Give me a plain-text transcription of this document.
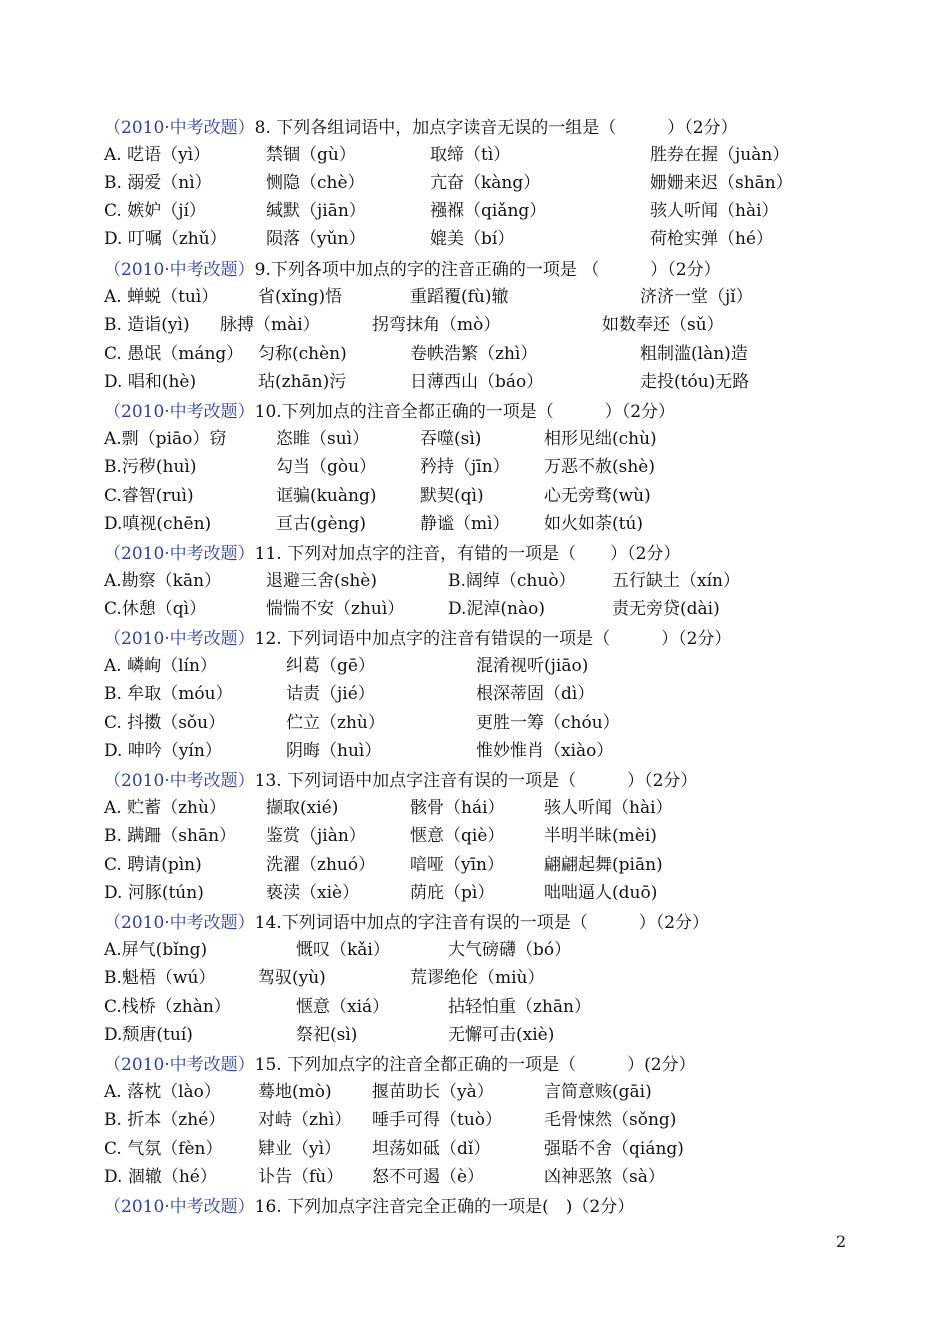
（2010·中考改题）8. 下列各组词语中，加点字读音无误的一组是（　　　）（2分）
A. 呓语（yì）	禁锢（gù）	取缔（tì）	胜券在握（juàn）
B. 溺爱（nì）	恻隐（chè）	亢奋（kàng）	姗姗来迟（shān）
C. 嫉妒（jí）	缄默（jiān）	襁褓（qiǎng）	骇人听闻（hài）
D. 叮嘱（zhǔ） 陨落（yǔn）	媲美（bí）	荷枪实弹（hé）
（2010·中考改题）9.下列各项中加点的字的注音正确的一项是 （　　　）（2分）
A. 蝉蜕（tuì） 省(xǐng)悟	重蹈覆(fù)辙	济济一堂（jǐ）
B. 造诣(yì) 脉搏（mài）	拐弯抹角（mò）	如数奉还（sǔ）
C. 愚氓（máng） 匀称(chèn)	卷帙浩繁（zhì）	粗制滥(làn)造
D. 唱和(hè)	玷(zhān)污	日薄西山（báo）	走投(tóu)无路
（2010·中考改题）10.下列加点的注音全都正确的一项是（　　　）（2分）
A.剽（piāo）窃	恣睢（suì）	吞噬(sì)	相形见绌(chù)
B.污秽(huì)	勾当（gòu）	矜持（jīn） 万恶不赦(shè)
C.睿智(ruì)	诓骗(kuàng)	默契(qì)	心无旁骛(wù)
D.嗔视(chēn)	亘古(gèng)	静谧（mì） 如火如荼(tú)
（2010·中考改题）11. 下列对加点字的注音，有错的一项是（　　）（2分）
A.勘察（kān）	退避三舍(shè)	B.阔绰（chuò） 五行缺土（xín）
C.休憩（qì）	惴惴不安（zhuì）	D.泥淖(nào)	责无旁贷(dài)
（2010·中考改题）12. 下列词语中加点字的注音有错误的一项是（　　　）（2分）
A. 嶙峋（lín）	纠葛（gē）	混淆视听(jiāo)
B. 牟取（móu）	诘责（jié）	根深蒂固（dì）
C. 抖擞（sǒu）	伫立（zhù）	更胜一筹（chóu）
D. 呻吟（yín）	阴晦（huì）	惟妙惟肖（xiào）
（2010·中考改题）13. 下列词语中加点字注音有误的一项是（　　　）（2分）
A. 贮蓄（zhù） 撷取(xié)	骸骨（hái） 骇人听闻（hài）
B. 蹒跚（shān） 鉴赏（jiàn）	惬意（qiè） 半明半昧(mèi)
C. 聘请(pìn)	洗濯（zhuó） 喑哑（yīn） 翩翩起舞(piān)
D. 河豚(tún)	亵渎（xiè）	荫庇（pì）	咄咄逼人(duō)
（2010·中考改题）14.下列词语中加点的字注音有误的一项是（　　　）（2分）
A.屏气(bǐng)	慨叹（kǎi）	大气磅礴（bó）
B.魁梧（wú）	驾驭(yù)	荒谬绝伦（miù）
C.栈桥（zhàn）	惬意（xiá）	拈轻怕重（zhān）
D.颓唐(tuí)	祭祀(sì)	无懈可击(xiè)
（2010·中考改题）15. 下列加点字的注音全都正确的一项是（　　　）(2分）
A. 落枕（lào） 蓦地(mò) 揠苗助长（yà）	言简意赅(gāi)
B. 折本（zhé） 对峙（zhì） 唾手可得（tuò） 毛骨悚然（sǒng)
C. 气氛（fèn） 肄业（yì） 坦荡如砥（dǐ）	强聒不舍（qiáng)
D. 涸辙（hé） 讣告（fù） 怒不可遏（è）	凶神恶煞（sà）
（2010·中考改题）16. 下列加点字注音完全正确的一项是(　)（2分）
2
